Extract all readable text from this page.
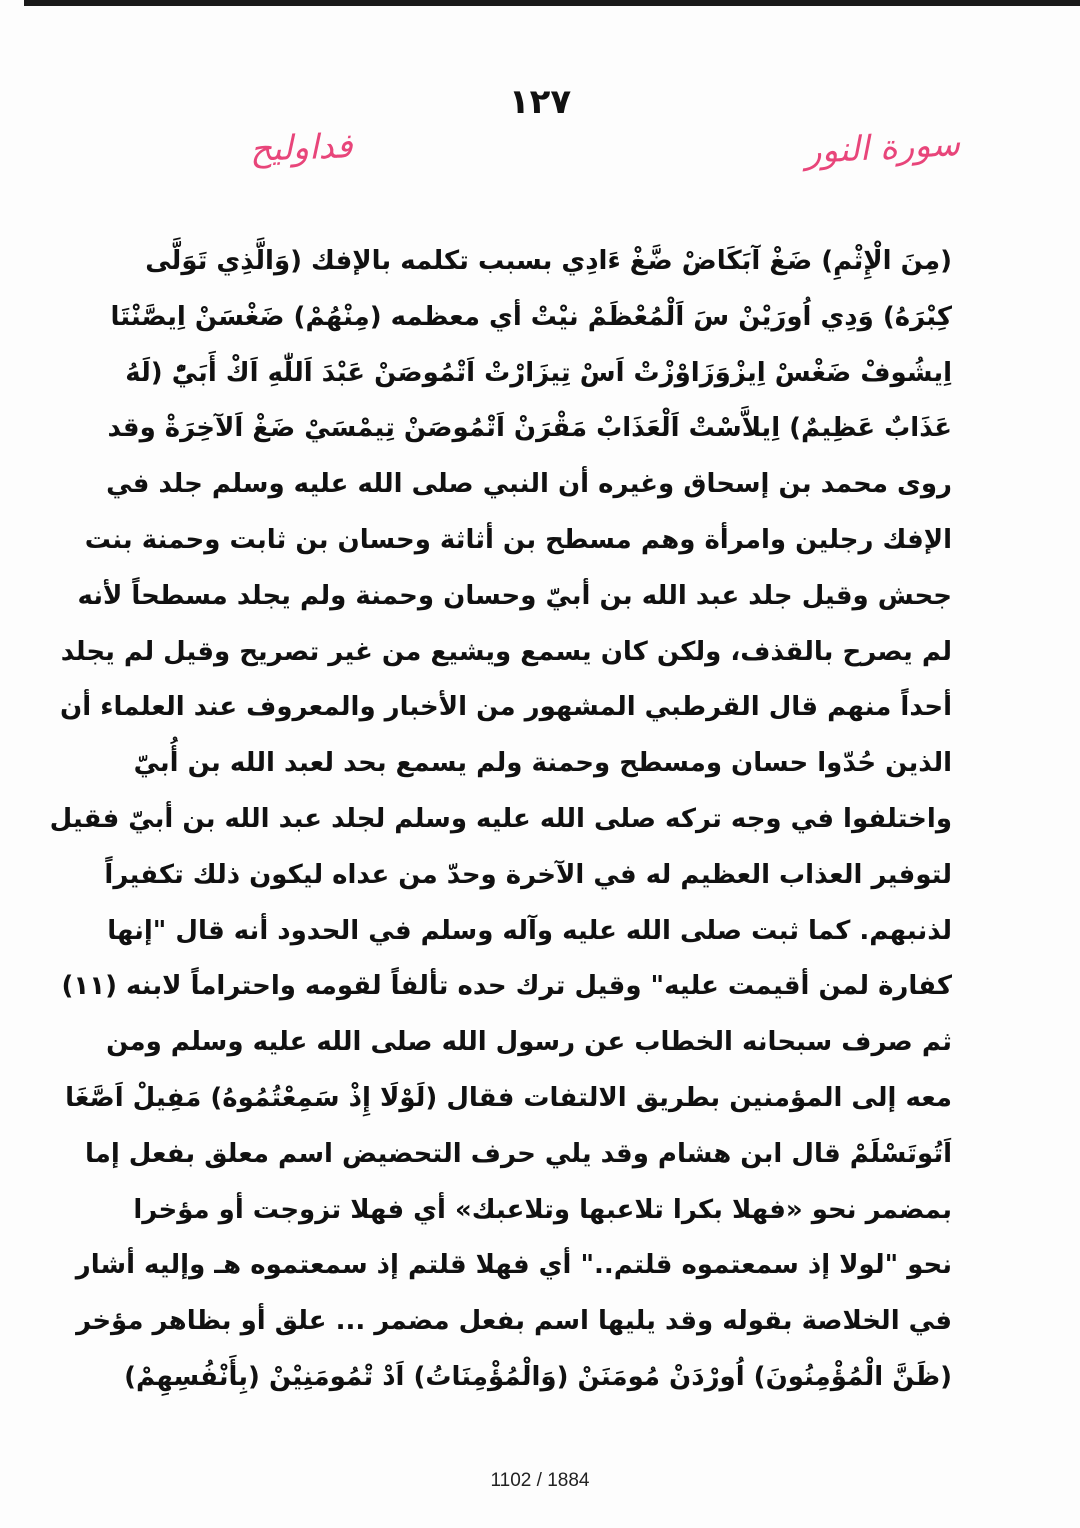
١٢٧
سورة النور
فداوليح
(مِنَ الْإِثْمِ) ضَغْ آبَكَاضْ ضَّغْ ءَادِي بسبب تكلمه بالإفك (وَالَّذِي تَوَلَّى
كِبْرَهُ) وَدِي اُورَيْنْ سَ اَلْمُعْظَمْ نيْتْ أي معظمه (مِنْهُمْ) ضَغْسَنْ اِيصَّنْتَا
اِيشُوفْ ضَغْسْ اِيزْوَزَاوْزْتْ اَسْ تِيزَارْتْ اَتْمُوصَنْ عَبْدَ اَللّٰهِ اَكْ أَبَيّْ (لَهُ
عَذَابٌ عَظِيمٌ) اِيلاَّسْتْ اَلْعَذَابْ مَقْرَنْ اَتْمُوصَنْ تِيمْسَيْ ضَغْ اَلآخِرَةْ وقد
روى محمد بن إسحاق وغيره أن النبي صلى الله عليه وسلم جلد في
الإفك رجلين وامرأة وهم مسطح بن أثاثة وحسان بن ثابت وحمنة بنت
جحش وقيل جلد عبد الله بن أبيّ وحسان وحمنة ولم يجلد مسطحاً لأنه
لم يصرح بالقذف، ولكن كان يسمع ويشيع من غير تصريح وقيل لم يجلد
أحداً منهم قال القرطبي المشهور من الأخبار والمعروف عند العلماء أن
الذين حُدّوا حسان ومسطح وحمنة ولم يسمع بحد لعبد الله بن أُبيّ
واختلفوا في وجه تركه صلى الله عليه وسلم لجلد عبد الله بن أبيّ فقيل
لتوفير العذاب العظيم له في الآخرة وحدّ من عداه ليكون ذلك تكفيراً
لذنبهم. كما ثبت صلى الله عليه وآله وسلم في الحدود أنه قال "إنها
كفارة لمن أقيمت عليه" وقيل ترك حده تألفاً لقومه واحتراماً لابنه (١١)
ثم صرف سبحانه الخطاب عن رسول الله صلى الله عليه وسلم ومن
معه إلى المؤمنين بطريق الالتفات فقال (لَوْلَا إِذْ سَمِعْتُمُوهُ) مَفِيلْ اَصَّغَا
اَتُوتَسْلَمْ قال ابن هشام وقد يلي حرف التحضيض اسم معلق بفعل إما
بمضمر نحو «فهلا بكرا تلاعبها وتلاعبك» أي فهلا تزوجت أو مؤخرا
نحو "لولا إذ سمعتموه قلتم.." أي فهلا قلتم إذ سمعتموه هـ وإليه أشار
في الخلاصة بقوله وقد يليها اسم بفعل مضمر ... علق أو بظاهر مؤخر
(ظَنَّ الْمُؤْمِنُونَ) اُورْدَنْ مُومَنَنْ (وَالْمُؤْمِنَاتُ) اَدْ تْمُومَنِيْنْ (بِأَنْفُسِهِمْ)
1102 / 1884
